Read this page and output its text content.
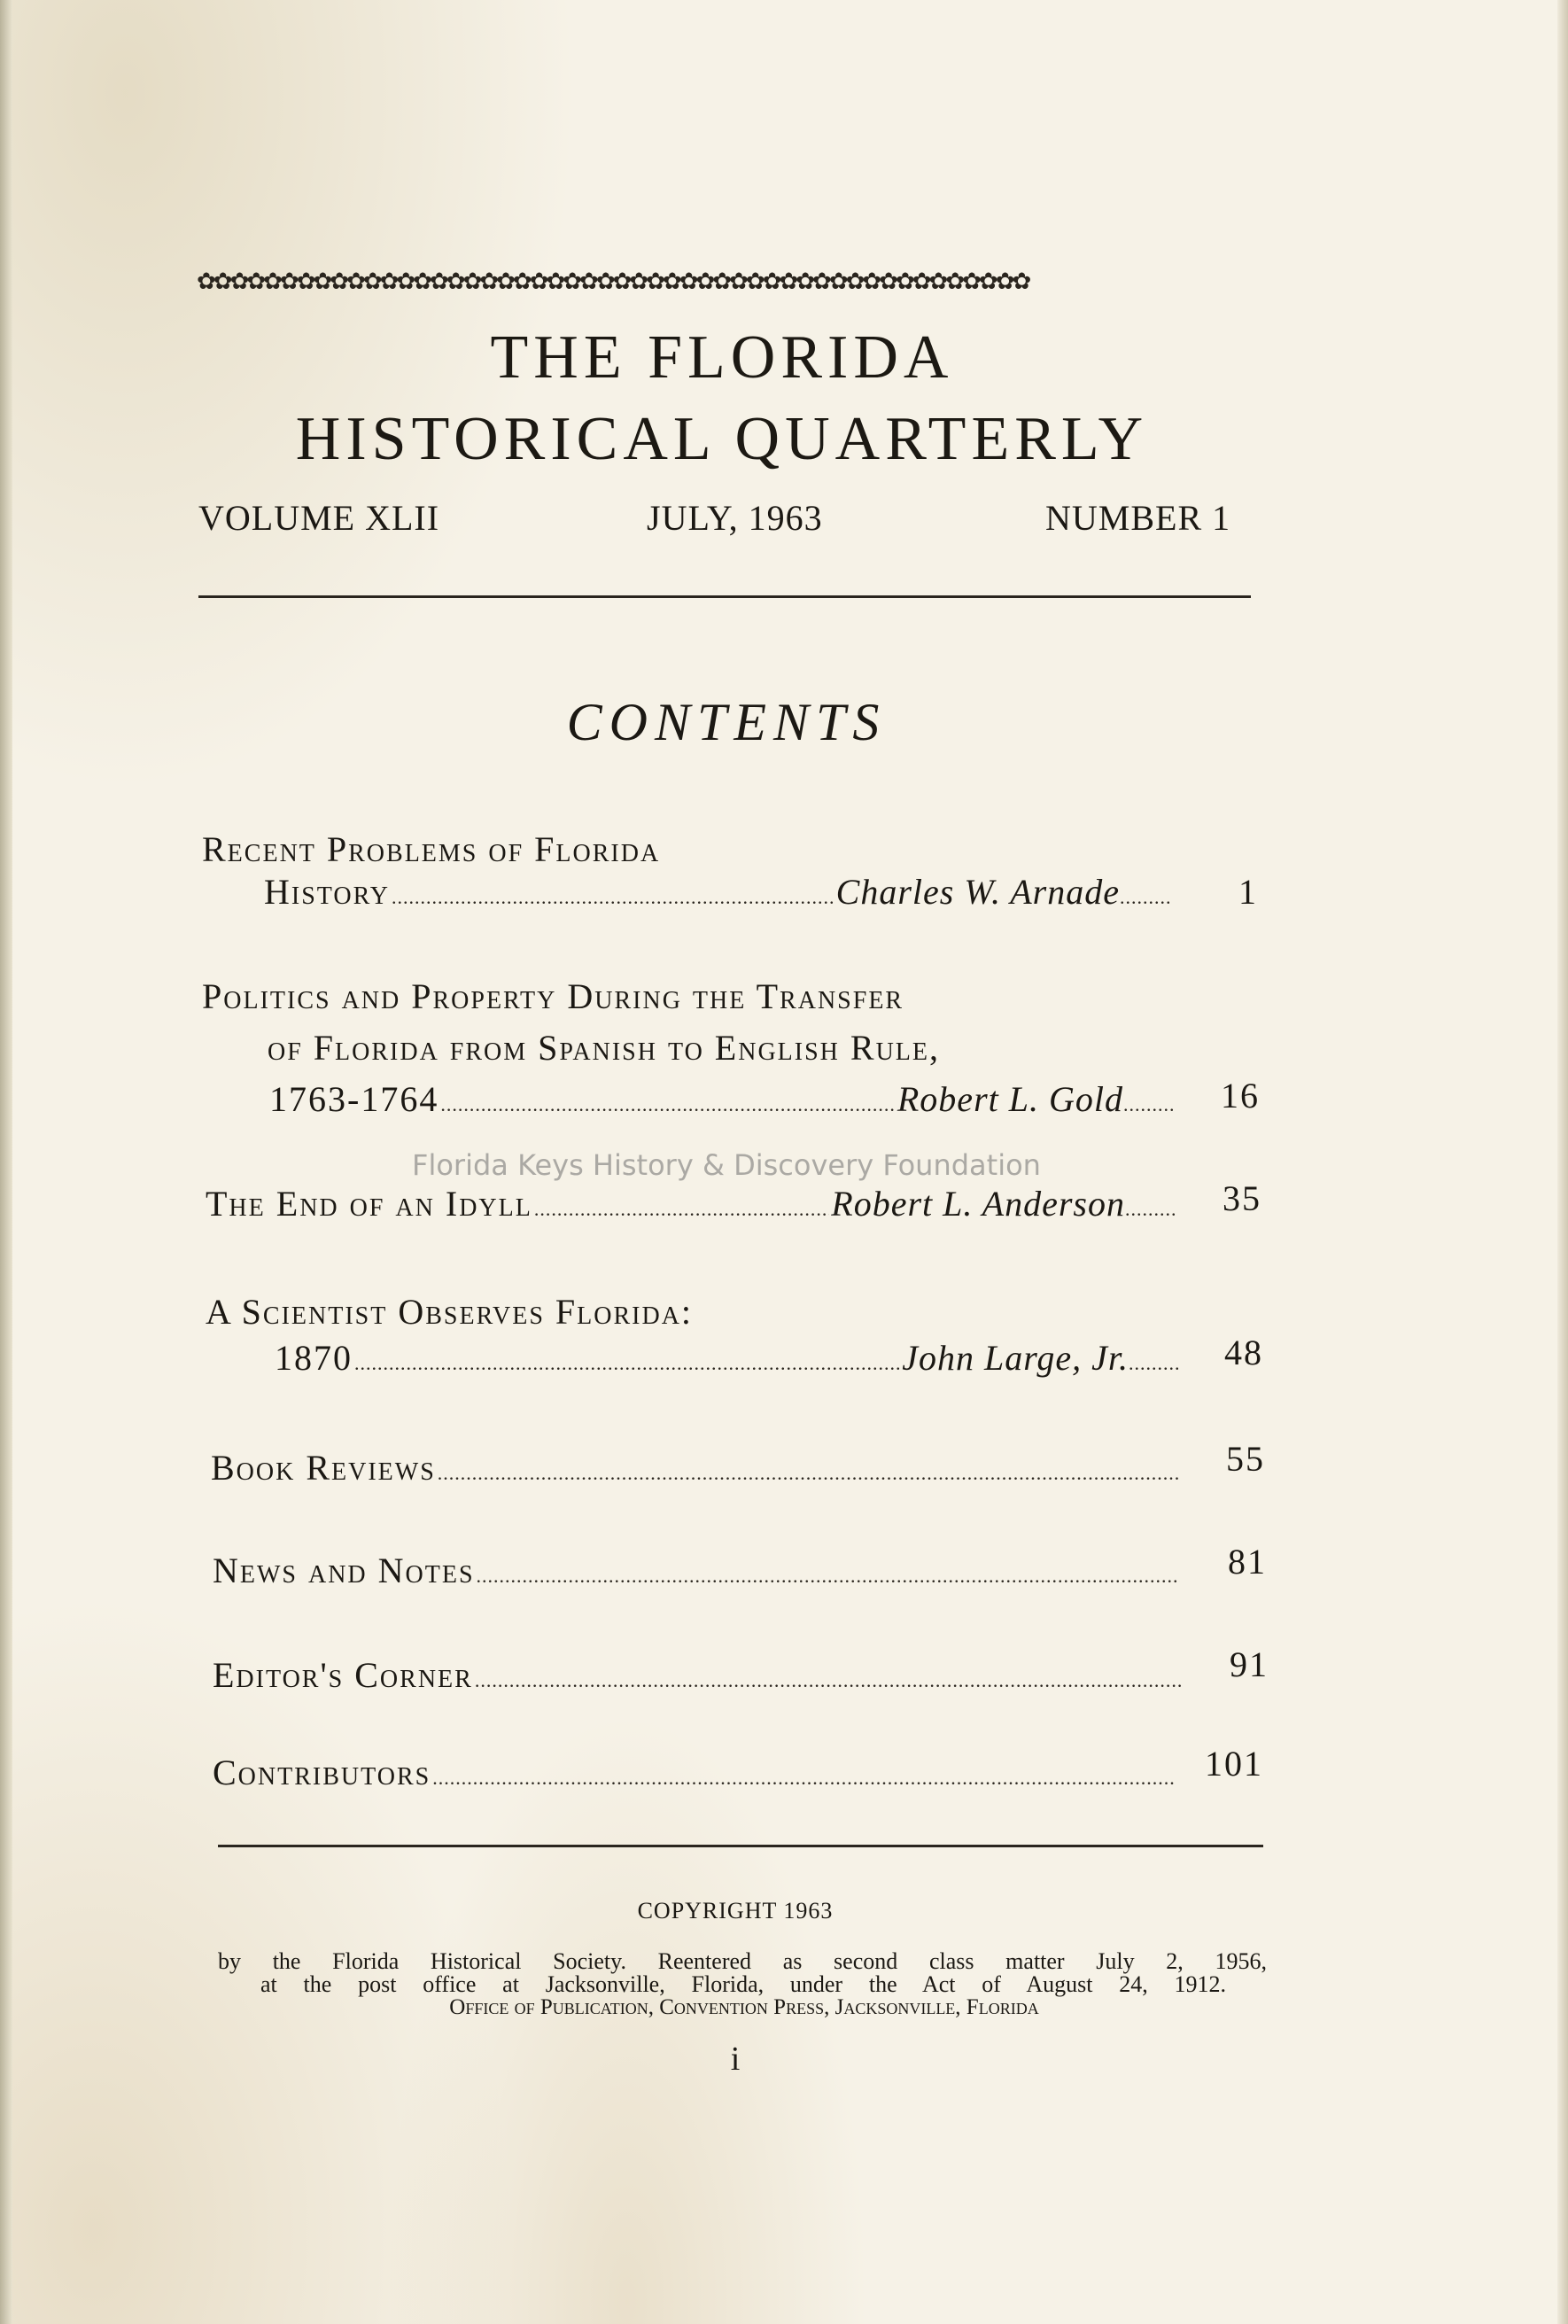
✿✿✿✿✿✿✿✿✿✿✿✿✿✿✿✿✿✿✿✿✿✿✿✿✿✿✿✿✿✿✿✿✿✿✿✿✿✿✿✿✿✿✿✿✿✿✿✿✿✿
THE FLORIDA
HISTORICAL QUARTERLY
VOLUME XLII	JULY, 1963	NUMBER 1
CONTENTS
Recent Problems of Florida
History .....	Charles W. Arnade .....	1
Politics and Property During the Transfer
of Florida from Spanish to English Rule,
1763-1764 .....	Robert L. Gold .....	16
Florida Keys History & Discovery Foundation
The End of an Idyll .....	Robert L. Anderson .....	35
A Scientist Observes Florida:
1870 .....	John Large, Jr. .....	48
Book Reviews .....	55
News and Notes .....	81
Editor's Corner .....	91
Contributors .....	101
COPYRIGHT 1963
by the Florida Historical Society. Reentered as second class matter July 2, 1956,
at the post office at Jacksonville, Florida, under the Act of August 24, 1912.
Office of Publication, Convention Press, Jacksonville, Florida
i
